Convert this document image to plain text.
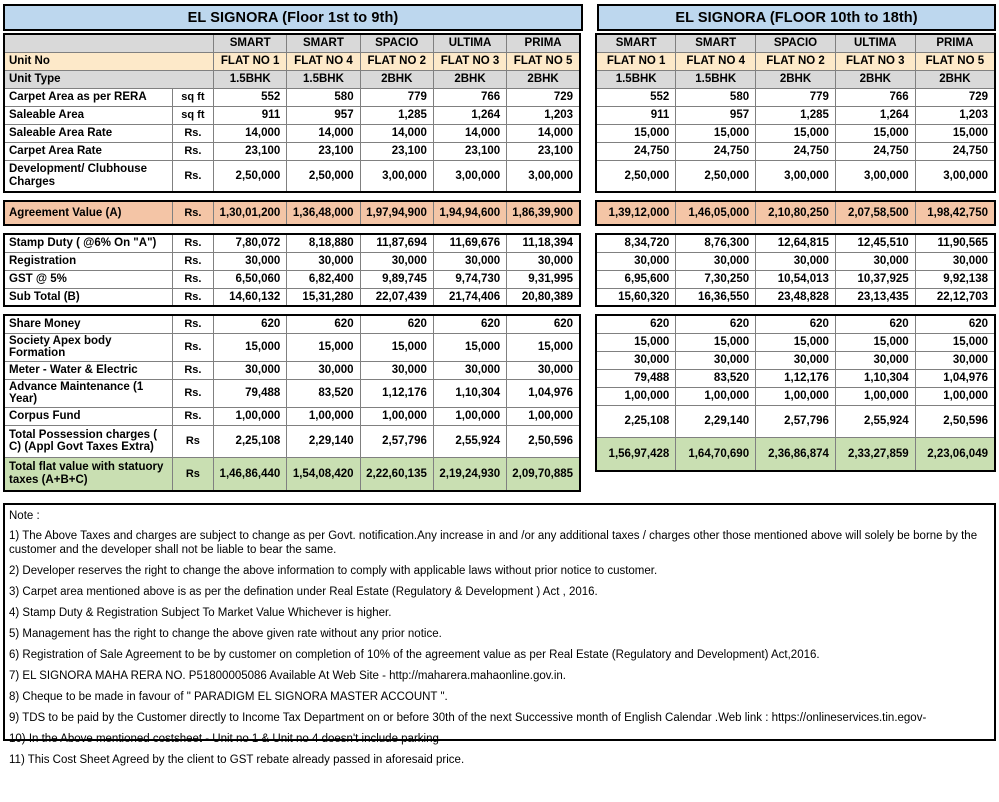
EL SIGNORA (Floor 1st to 9th)	EL SIGNORA (FLOOR 10th to 18th)
		SMART	SMART	SPACIO	ULTIMA	PRIMA
Unit No		FLAT NO 1	FLAT NO 4	FLAT NO 2	FLAT NO 3	FLAT NO 5
Unit Type		1.5BHK	1.5BHK	2BHK	2BHK	2BHK
Carpet Area as per RERA	sq ft	552	580	779	766	729
Saleable Area	sq ft	911	957	1,285	1,264	1,203
Saleable Area Rate	Rs.	14,000	14,000	14,000	14,000	14,000
Carpet Area Rate	Rs.	23,100	23,100	23,100	23,100	23,100
Development/ Clubhouse Charges	Rs.	2,50,000	2,50,000	3,00,000	3,00,000	3,00,000

Agreement Value (A)	Rs.	1,30,01,200	1,36,48,000	1,97,94,900	1,94,94,600	1,86,39,900

Stamp Duty ( @6% On "A")	Rs.	7,80,072	8,18,880	11,87,694	11,69,676	11,18,394
Registration	Rs.	30,000	30,000	30,000	30,000	30,000
GST @ 5%	Rs.	6,50,060	6,82,400	9,89,745	9,74,730	9,31,995
Sub Total (B)	Rs.	14,60,132	15,31,280	22,07,439	21,74,406	20,80,389

Share Money	Rs.	620	620	620	620	620
Society Apex body Formation	Rs.	15,000	15,000	15,000	15,000	15,000
Meter - Water & Electric	Rs.	30,000	30,000	30,000	30,000	30,000
Advance Maintenance (1 Year)	Rs.	79,488	83,520	1,12,176	1,10,304	1,04,976
Corpus Fund	Rs.	1,00,000	1,00,000	1,00,000	1,00,000	1,00,000
Total Possession charges ( C) (Appl Govt Taxes Extra)	Rs	2,25,108	2,29,140	2,57,796	2,55,924	2,50,596
Total flat value with statuory taxes (A+B+C)	Rs	1,46,86,440	1,54,08,420	2,22,60,135	2,19,24,930	2,09,70,885
SMART	SMART	SPACIO	ULTIMA	PRIMA
FLAT NO 1	FLAT NO 4	FLAT NO 2	FLAT NO 3	FLAT NO 5
1.5BHK	1.5BHK	2BHK	2BHK	2BHK
552	580	779	766	729
911	957	1,285	1,264	1,203
15,000	15,000	15,000	15,000	15,000
24,750	24,750	24,750	24,750	24,750
2,50,000	2,50,000	3,00,000	3,00,000	3,00,000

1,39,12,000	1,46,05,000	2,10,80,250	2,07,58,500	1,98,42,750

8,34,720	8,76,300	12,64,815	12,45,510	11,90,565
30,000	30,000	30,000	30,000	30,000
6,95,600	7,30,250	10,54,013	10,37,925	9,92,138
15,60,320	16,36,550	23,48,828	23,13,435	22,12,703

620	620	620	620	620
15,000	15,000	15,000	15,000	15,000
30,000	30,000	30,000	30,000	30,000
79,488	83,520	1,12,176	1,10,304	1,04,976
1,00,000	1,00,000	1,00,000	1,00,000	1,00,000
2,25,108	2,29,140	2,57,796	2,55,924	2,50,596
1,56,97,428	1,64,70,690	2,36,86,874	2,33,27,859	2,23,06,049
Note :
1) The Above Taxes and charges are subject to change as per Govt. notification.Any increase in and /or any additional taxes / charges other those mentioned above will solely be borne by the customer and the developer shall not be liable to bear the same.
2) Developer reserves the right to change the above information to comply with applicable laws without prior notice to customer.
3) Carpet area mentioned above is as per the defination under Real Estate (Regulatory & Development ) Act , 2016.
4) Stamp Duty & Registration Subject To Market Value Whichever is higher.
5) Management has the right to change the above given rate without any prior notice.
6) Registration of Sale Agreement to be by customer on completion of 10% of the agreement value as per Real Estate (Regulatory and Development) Act,2016.
7) EL SIGNORA MAHA RERA NO. P51800005086 Available At Web Site - http://maharera.mahaonline.gov.in.
8) Cheque to be made in favour of " PARADIGM EL SIGNORA MASTER ACCOUNT ".
9) TDS to be paid by the Customer directly to Income Tax Department on or before 30th of the next Successive month of English Calendar .Web link : https://onlineservices.tin.egov-
10) In the Above mentioned costsheet - Unit no 1 & Unit no 4 doesn't include parking
11) This Cost Sheet Agreed by the client to GST rebate already passed in aforesaid price.
